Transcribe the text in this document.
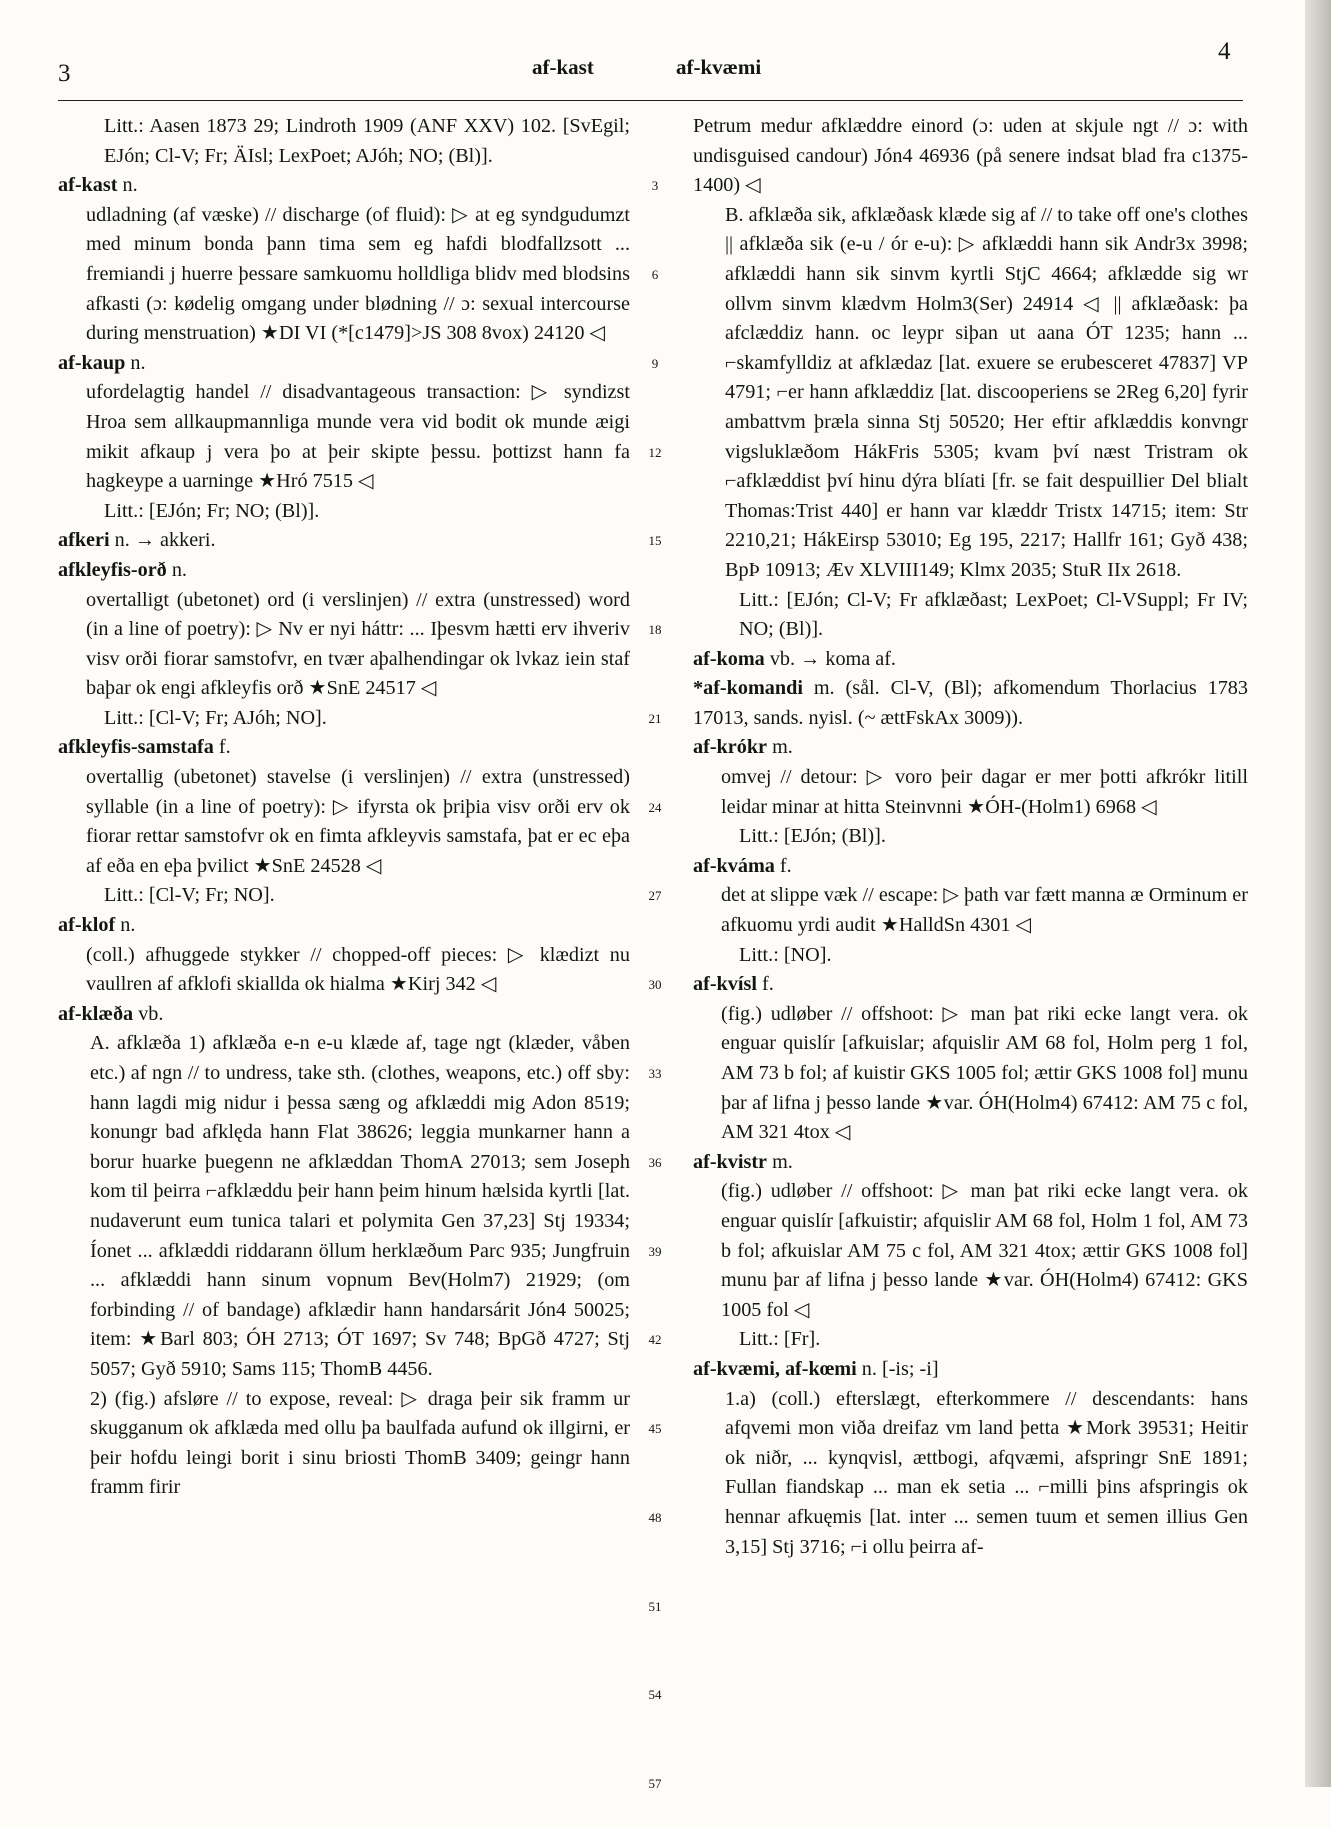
3	af-kast	af-kvæmi
4

Litt.: Aasen 1873 29; Lindroth 1909 (ANF XXV) 102. [SvEgil; EJón; Cl-V; Fr; ÄIsl; LexPoet; AJóh; NO; (Bl)].

af-kast n.

udladning (af væske) // discharge (of fluid): ▷ at eg syndgudumzt med minum bonda þann tima sem eg hafdi blodfallzsott ... fremiandi j huerre þessare samkuomu holldliga blidv med blodsins afkasti (ɔ: kødelig omgang under blødning // ɔ: sexual intercourse during menstruation) ★DI VI (*[c1479]>JS 308 8vox) 24120 ◁

af-kaup n.

ufordelagtig handel // disadvantageous transaction: ▷ syndizst Hroa sem allkaupmannliga munde vera vid bodit ok munde æigi mikit afkaup j vera þo at þeir skipte þessu. þottizst hann fa hagkeype a uarninge ★Hró 7515 ◁

Litt.: [EJón; Fr; NO; (Bl)].

afkeri n. → akkeri.

afkleyfis-orð n.

overtalligt (ubetonet) ord (i verslinjen) // extra (unstressed) word (in a line of poetry): ▷ Nv er nyi háttr: ... Iþesvm hætti erv ihveriv visv orði fiorar samstofvr, en tvær aþalhendingar ok lvkaz iein staf baþar ok engi afkleyfis orð ★SnE 24517 ◁

Litt.: [Cl-V; Fr; AJóh; NO].

afkleyfis-samstafa f.

overtallig (ubetonet) stavelse (i verslinjen) // extra (unstressed) syllable (in a line of poetry): ▷ ifyrsta ok þriþia visv orði erv ok fiorar rettar samstofvr ok en fimta afkleyvis samstafa, þat er ec eþa af eða en eþa þvilict ★SnE 24528 ◁

Litt.: [Cl-V; Fr; NO].

af-klof n.

(coll.) afhuggede stykker // chopped-off pieces: ▷ klædizt nu vaullren af afklofi skiallda ok hialma ★Kirj 342 ◁

af-klæða vb.

A. afklæða 1) afklæða e-n e-u klæde af, tage ngt (klæder, våben etc.) af ngn // to undress, take sth. (clothes, weapons, etc.) off sby: hann lagdi mig nidur i þessa sæng og afklæddi mig Adon 8519; konungr bad afklęda hann Flat 38626; leggia munkarner hann a borur huarke þuegenn ne afklæddan ThomA 27013; sem Joseph kom til þeirra ⌐afklæddu þeir hann þeim hinum hælsida kyrtli [lat. nudaverunt eum tunica talari et polymita Gen 37,23] Stj 19334; Íonet ... afklæddi riddarann öllum herklæðum Parc 935; Jungfruin ... afklæddi hann sinum vopnum Bev(Holm7) 21929; (om forbinding // of bandage) afklædir hann handarsárit Jón4 50025; item: ★Barl 803; ÓH 2713; ÓT 1697; Sv 748; BpGð 4727; Stj 5057; Gyð 5910; Sams 115; ThomB 4456.

2) (fig.) afsløre // to expose, reveal: ▷ draga þeir sik framm ur skugganum ok afklæda med ollu þa baulfada aufund ok illgirni, er þeir hofdu leingi borit i sinu briosti ThomB 3409; geingr hann framm firir

3
6
9
12
15
18
21
24
27
30
33
36
39
42
45
48
51
54
57

Petrum medur afklæddre einord (ɔ: uden at skjule ngt // ɔ: with undisguised candour) Jón4 46936 (på senere indsat blad fra c1375-1400) ◁

B. afklæða sik, afklæðask klæde sig af // to take off one's clothes || afklæða sik (e-u / ór e-u): ▷ afklæddi hann sik Andr3x 3998; afklæddi hann sik sinvm kyrtli StjC 4664; afklædde sig wr ollvm sinvm klædvm Holm3(Ser) 24914 ◁ || afklæðask: þa afclæddiz hann. oc leypr siþan ut aana ÓT 1235; hann ... ⌐skamfylldiz at afklædaz [lat. exuere se erubesceret 47837] VP 4791; ⌐er hann afklæddiz [lat. discooperiens se 2Reg 6,20] fyrir ambattvm þræla sinna Stj 50520; Her eftir afklæddis konvngr vigsluklæðom HákFris 5305; kvam því næst Tristram ok ⌐afklæddist því hinu dýra blíati [fr. se fait despuillier Del blialt Thomas:Trist 440] er hann var klæddr Tristx 14715; item: Str 2210,21; HákEirsp 53010; Eg 195, 2217; Hallfr 161; Gyð 438; BpÞ 10913; Æv XLVIII149; Klmx 2035; StuR IIx 2618.

Litt.: [EJón; Cl-V; Fr afklæðast; LexPoet; Cl-VSuppl; Fr IV; NO; (Bl)].

af-koma vb. → koma af.

*af-komandi m. (sål. Cl-V, (Bl); afkomendum Thorlacius 1783 17013, sands. nyisl. (~ ættFskAx 3009)).

af-krókr m.

omvej // detour: ▷ voro þeir dagar er mer þotti afkrókr litill leidar minar at hitta Steinvnni ★ÓH-(Holm1) 6968 ◁

Litt.: [EJón; (Bl)].

af-kváma f.

det at slippe væk // escape: ▷ þath var fætt manna æ Orminum er afkuomu yrdi audit ★HalldSn 4301 ◁

Litt.: [NO].

af-kvísl f.

(fig.) udløber // offshoot: ▷ man þat riki ecke langt vera. ok enguar quislír [afkuislar; afquislir AM 68 fol, Holm perg 1 fol, AM 73 b fol; af kuistir GKS 1005 fol; ættir GKS 1008 fol] munu þar af lifna j þesso lande ★var. ÓH(Holm4) 67412: AM 75 c fol, AM 321 4tox ◁

af-kvistr m.

(fig.) udløber // offshoot: ▷ man þat riki ecke langt vera. ok enguar quislír [afkuistir; afquislir AM 68 fol, Holm 1 fol, AM 73 b fol; afkuislar AM 75 c fol, AM 321 4tox; ættir GKS 1008 fol] munu þar af lifna j þesso lande ★var. ÓH(Holm4) 67412: GKS 1005 fol ◁

Litt.: [Fr].

af-kvæmi, af-kœmi n. [-is; -i]

1.a) (coll.) efterslægt, efterkommere // descendants: hans afqvemi mon viða dreifaz vm land þetta ★Mork 39531; Heitir ok niðr, ... kynqvisl, ættbogi, afqvæmi, afspringr SnE 1891; Fullan fiandskap ... man ek setia ... ⌐milli þins afspringis ok hennar afkuęmis [lat. inter ... semen tuum et semen illius Gen 3,15] Stj 3716; ⌐i ollu þeirra af-
